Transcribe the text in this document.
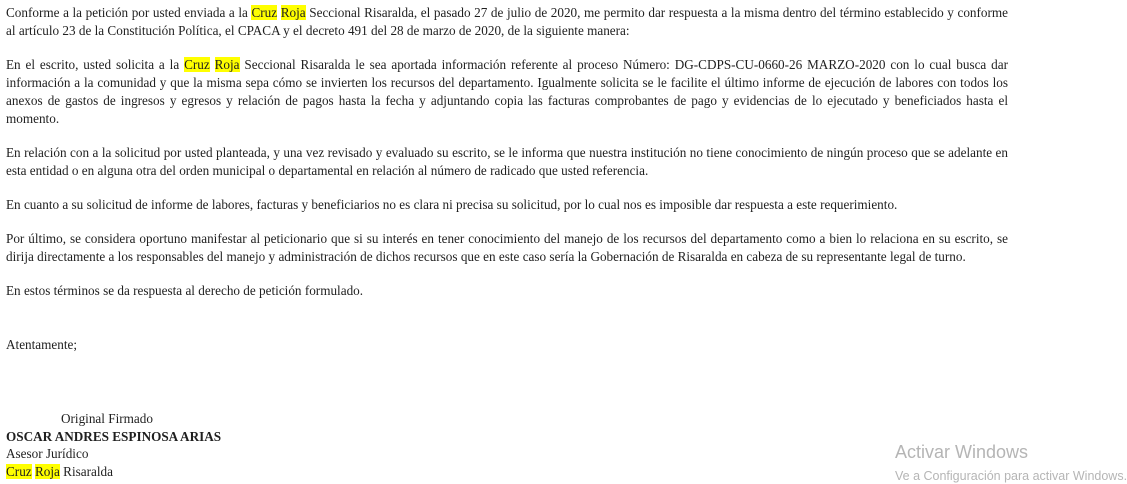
Conforme a la petición por usted enviada a la Cruz Roja Seccional Risaralda, el pasado 27 de julio de 2020, me permito dar respuesta a la misma dentro del término establecido y conforme al artículo 23 de la Constitución Política, el CPACA y el decreto 491 del 28 de marzo de 2020, de la siguiente manera:

En el escrito, usted solicita a la Cruz Roja Seccional Risaralda le sea aportada información referente al proceso Número: DG-CDPS-CU-0660-26 MARZO-2020 con lo cual busca dar información a la comunidad y que la misma sepa cómo se invierten los recursos del departamento. Igualmente solicita se le facilite el último informe de ejecución de labores con todos los anexos de gastos de ingresos y egresos y relación de pagos hasta la fecha y adjuntando copia las facturas comprobantes de pago y evidencias de lo ejecutado y beneficiados hasta el momento.

En relación con a la solicitud por usted planteada, y una vez revisado y evaluado su escrito, se le informa que nuestra institución no tiene conocimiento de ningún proceso que se adelante en esta entidad o en alguna otra del orden municipal o departamental en relación al número de radicado que usted referencia.

En cuanto a su solicitud de informe de labores, facturas y beneficiarios no es clara ni precisa su solicitud, por lo cual nos es imposible dar respuesta a este requerimiento.

Por último, se considera oportuno manifestar al peticionario que si su interés en tener conocimiento del manejo de los recursos del departamento como a bien lo relaciona en su escrito, se dirija directamente a los responsables del manejo y administración de dichos recursos que en este caso sería la Gobernación de Risaralda en cabeza de su representante legal de turno.

En estos términos se da respuesta al derecho de petición formulado.

Atentamente;

Original Firmado
OSCAR ANDRES ESPINOSA ARIAS
Asesor Jurídico
Cruz Roja Risaralda
Activar Windows
Ve a Configuración para activar Windows.
